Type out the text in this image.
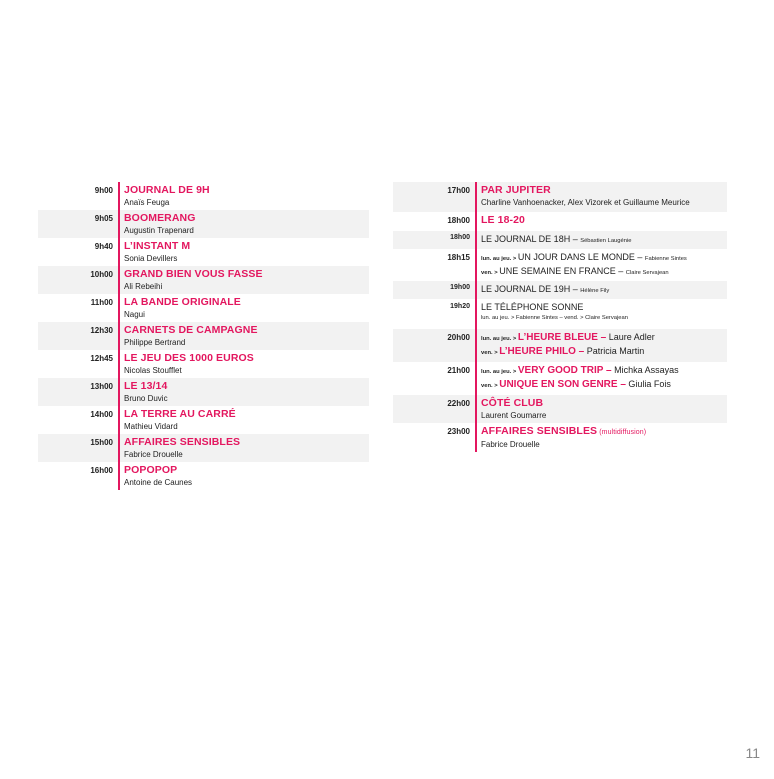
9h00	JOURNAL DE 9H
Anaïs Feuga
9h05	BOOMERANG
Augustin Trapenard
9h40	L’INSTANT M
Sonia Devillers
10h00	GRAND BIEN VOUS FASSE
Ali Rebeihi
11h00	LA BANDE ORIGINALE
Nagui
12h30	CARNETS DE CAMPAGNE
Philippe Bertrand
12h45	LE JEU DES 1000 EUROS
Nicolas Stoufflet
13h00	LE 13/14
Bruno Duvic
14h00	LA TERRE AU CARRÉ
Mathieu Vidard
15h00	AFFAIRES SENSIBLES
Fabrice Drouelle
16h00	POPOPOP
Antoine de Caunes
17h00	PAR JUPITER
Charline Vanhoenacker, Alex Vizorek et Guillaume Meurice
18h00	LE 18-20
18h00	LE JOURNAL DE 18H – Sébastien Laugénie
18h15	lun. au jeu. > UN JOUR DANS LE MONDE – Fabienne Sintes
ven. > UNE SEMAINE EN FRANCE – Claire Servajean
19h00	LE JOURNAL DE 19H – Hélène Fily
19h20	LE TÉLÉPHONE SONNE
lun. au jeu. > Fabienne Sintes – vend. > Claire Servajean
20h00	lun. au jeu. > L’HEURE BLEUE – Laure Adler
ven. > L’HEURE PHILO – Patricia Martin
21h00	lun. au jeu. > VERY GOOD TRIP – Michka Assayas
ven. > UNIQUE EN SON GENRE – Giulia Fois
22h00	CÔTÉ CLUB
Laurent Goumarre
23h00	AFFAIRES SENSIBLES (multidiffusion)
Fabrice Drouelle
11
